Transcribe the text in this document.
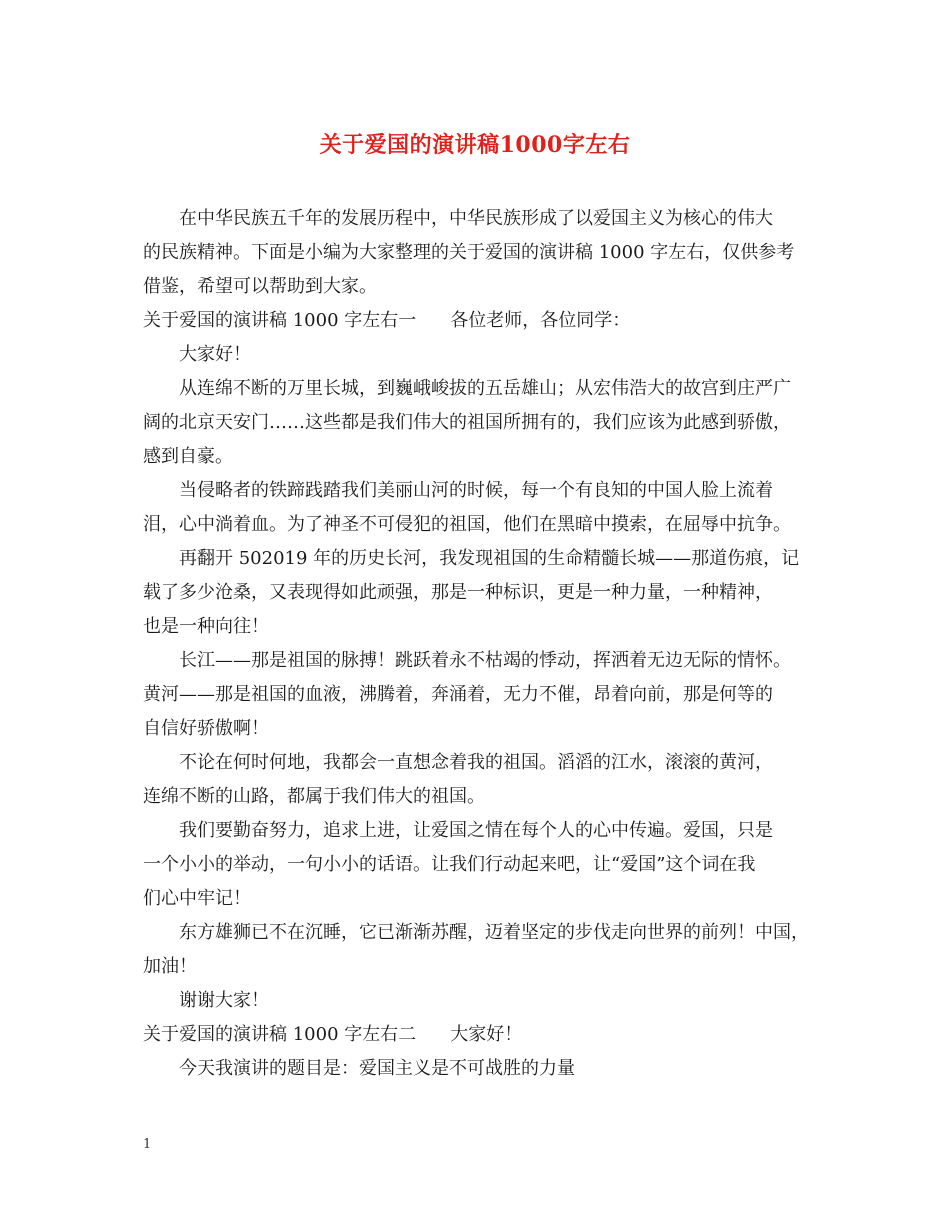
关于爱国的演讲稿1000字左右

在中华民族五千年的发展历程中，中华民族形成了以爱国主义为核心的伟大

的民族精神。下面是小编为大家整理的关于爱国的演讲稿 1000 字左右，仅供参考

借鉴，希望可以帮助到大家。

关于爱国的演讲稿 1000 字左右一 各位老师，各位同学：

大家好！

从连绵不断的万里长城，到巍峨峻拔的五岳雄山；从宏伟浩大的故宫到庄严广

阔的北京天安门……这些都是我们伟大的祖国所拥有的，我们应该为此感到骄傲，

感到自豪。

当侵略者的铁蹄践踏我们美丽山河的时候，每一个有良知的中国人脸上流着

泪，心中淌着血。为了神圣不可侵犯的祖国，他们在黑暗中摸索，在屈辱中抗争。

再翻开 502019 年的历史长河，我发现祖国的生命精髓长城——那道伤痕，记

载了多少沧桑，又表现得如此顽强，那是一种标识，更是一种力量，一种精神，

也是一种向往！

长江——那是祖国的脉搏！跳跃着永不枯竭的悸动，挥洒着无边无际的情怀。

黄河——那是祖国的血液，沸腾着，奔涌着，无力不催，昂着向前，那是何等的

自信好骄傲啊！

不论在何时何地，我都会一直想念着我的祖国。滔滔的江水，滚滚的黄河，

连绵不断的山路，都属于我们伟大的祖国。

我们要勤奋努力，追求上进，让爱国之情在每个人的心中传遍。爱国，只是

一个小小的举动，一句小小的话语。让我们行动起来吧，让“爱国”这个词在我

们心中牢记！

东方雄狮已不在沉睡，它已渐渐苏醒，迈着坚定的步伐走向世界的前列！中国，

加油！

谢谢大家！

关于爱国的演讲稿 1000 字左右二 大家好！

今天我演讲的题目是：爱国主义是不可战胜的力量

1
